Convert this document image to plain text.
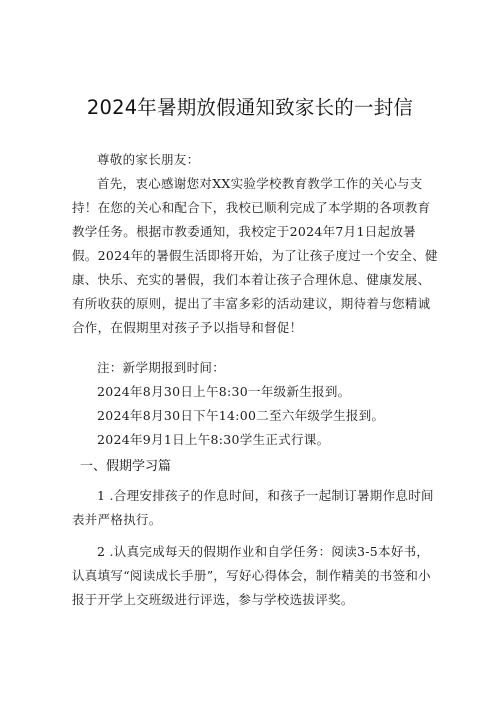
2024年暑期放假通知致家长的一封信

尊敬的家长朋友：

首先，衷心感谢您对XX实验学校教育教学工作的关心与支持！在您的关心和配合下，我校已顺利完成了本学期的各项教育教学任务。根据市教委通知，我校定于2024年7月1日起放暑假。2024年的暑假生活即将开始，为了让孩子度过一个安全、健康、快乐、充实的暑假，我们本着让孩子合理休息、健康发展、有所收获的原则，提出了丰富多彩的活动建议，期待着与您精诚合作，在假期里对孩子予以指导和督促！

注：新学期报到时间：

2024年8月30日上午8:30一年级新生报到。

2024年8月30日下午14:00二至六年级学生报到。

2024年9月1日上午8:30学生正式行课。

一、假期学习篇

1 .合理安排孩子的作息时间，和孩子一起制订暑期作息时间表并严格执行。

2 .认真完成每天的假期作业和自学任务：阅读3-5本好书，认真填写“阅读成长手册”，写好心得体会，制作精美的书签和小报于开学上交班级进行评选，参与学校选拔评奖。
